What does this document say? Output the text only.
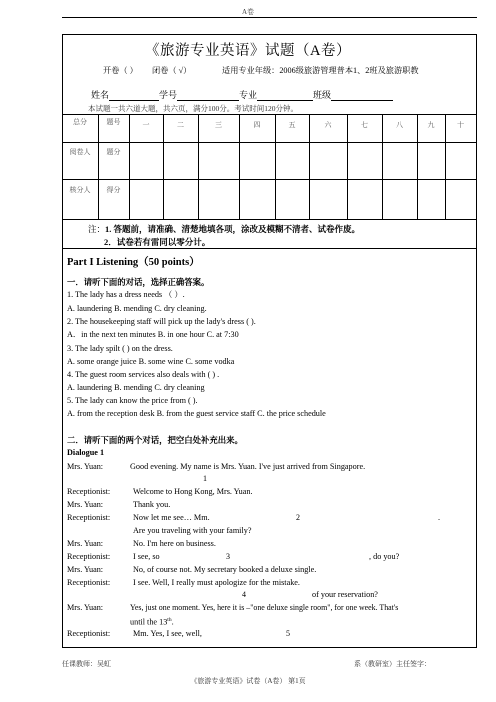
A卷
《旅游专业英语》试题（A卷）
开卷（ ） 闭卷（ √）	适用专业年级：2006级旅游管理普本1、2班及旅游职教
姓名	学号	专业	班级
本试题一共六道大题，共六页，满分100分。考试时间120分钟。
总分	题号	一	二	三	四	五	六	七	八	九	十
阅卷人	题分
核分人	得分
注：1. 答题前，请准确、清楚地填各项，涂改及模糊不清者、试卷作废。
2．试卷若有雷同以零分计。
Part I Listening（50 points）
一．请听下面的对话，选择正确答案。
1. The lady has a dress needs （ ）.
A. laundering B. mending C. dry cleaning.
2. The housekeeping staff will pick up the lady's dress ( ).
A．in the next ten minutes B. in one hour C. at 7:30
3. The lady spilt ( ) on the dress.
A. some orange juice B. some wine C. some vodka
4. The guest room services also deals with ( ) .
A. laundering B. mending C. dry cleaning
5. The lady can know the price from ( ).
A. from the reception desk B. from the guest service staff C. the price schedule
二．请听下面的两个对话，把空白处补充出来。
Dialogue 1
Mrs. Yuan:	Good evening. My name is Mrs. Yuan. I've just arrived from Singapore.
1
Receptionist:	Welcome to Hong Kong, Mrs. Yuan.
Mrs. Yuan:	Thank you.
Receptionist:	Now let me see… Mm.	2	.
Are you traveling with your family?
Mrs. Yuan:	No. I'm here on business.
Receptionist:	I see, so	3	, do you?
Mrs. Yuan:	No, of course not. My secretary booked a deluxe single.
Receptionist:	I see. Well, I really must apologize for the mistake.
4	of your reservation?
Mrs. Yuan:	Yes, just one moment. Yes, here it is –"one deluxe single room", for one week. That's
until the 13th.
Receptionist:	Mm. Yes, I see, well,	5
任课教师：吴虹	系（教研室）主任签字：
《旅游专业英语》试卷（A卷） 第1页
